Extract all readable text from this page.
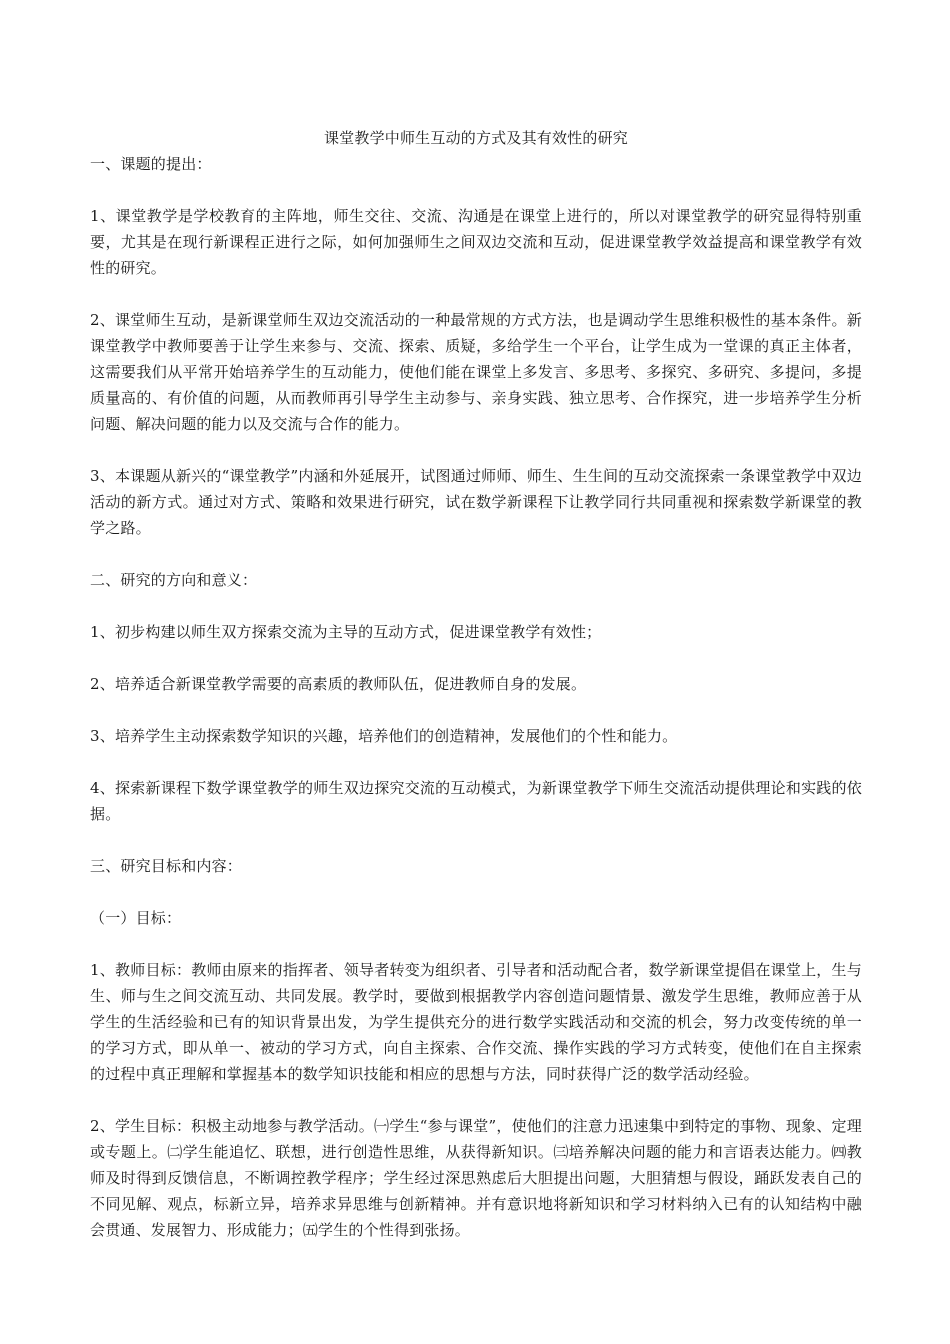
课堂教学中师生互动的方式及其有效性的研究

一、课题的提出：

1、课堂教学是学校教育的主阵地，师生交往、交流、沟通是在课堂上进行的，所以对课堂教学的研究显得特别重要，尤其是在现行新课程正进行之际，如何加强师生之间双边交流和互动，促进课堂教学效益提高和课堂教学有效性的研究。

2、课堂师生互动，是新课堂师生双边交流活动的一种最常规的方式方法，也是调动学生思维积极性的基本条件。新课堂教学中教师要善于让学生来参与、交流、探索、质疑，多给学生一个平台，让学生成为一堂课的真正主体者，这需要我们从平常开始培养学生的互动能力，使他们能在课堂上多发言、多思考、多探究、多研究、多提问，多提质量高的、有价值的问题，从而教师再引导学生主动参与、亲身实践、独立思考、合作探究，进一步培养学生分析问题、解决问题的能力以及交流与合作的能力。

3、本课题从新兴的“课堂教学”内涵和外延展开，试图通过师师、师生、生生间的互动交流探索一条课堂教学中双边活动的新方式。通过对方式、策略和效果进行研究，试在数学新课程下让教学同行共同重视和探索数学新课堂的教学之路。

二、研究的方向和意义：

1、初步构建以师生双方探索交流为主导的互动方式，促进课堂教学有效性；

2、培养适合新课堂教学需要的高素质的教师队伍，促进教师自身的发展。

3、培养学生主动探索数学知识的兴趣，培养他们的创造精神，发展他们的个性和能力。

4、探索新课程下数学课堂教学的师生双边探究交流的互动模式，为新课堂教学下师生交流活动提供理论和实践的依据。

三、研究目标和内容：

（一）目标：

1、教师目标：教师由原来的指挥者、领导者转变为组织者、引导者和活动配合者，数学新课堂提倡在课堂上，生与生、师与生之间交流互动、共同发展。教学时，要做到根据教学内容创造问题情景、激发学生思维，教师应善于从学生的生活经验和已有的知识背景出发，为学生提供充分的进行数学实践活动和交流的机会，努力改变传统的单一的学习方式，即从单一、被动的学习方式，向自主探索、合作交流、操作实践的学习方式转变，使他们在自主探索的过程中真正理解和掌握基本的数学知识技能和相应的思想与方法，同时获得广泛的数学活动经验。

2、学生目标：积极主动地参与教学活动。㈠学生“参与课堂”，使他们的注意力迅速集中到特定的事物、现象、定理或专题上。㈡学生能追忆、联想，进行创造性思维，从获得新知识。㈢培养解决问题的能力和言语表达能力。㈣教师及时得到反馈信息，不断调控教学程序；学生经过深思熟虑后大胆提出问题，大胆猜想与假设，踊跃发表自己的不同见解、观点，标新立异，培养求异思维与创新精神。并有意识地将新知识和学习材料纳入已有的认知结构中融会贯通、发展智力、形成能力；㈤学生的个性得到张扬。
